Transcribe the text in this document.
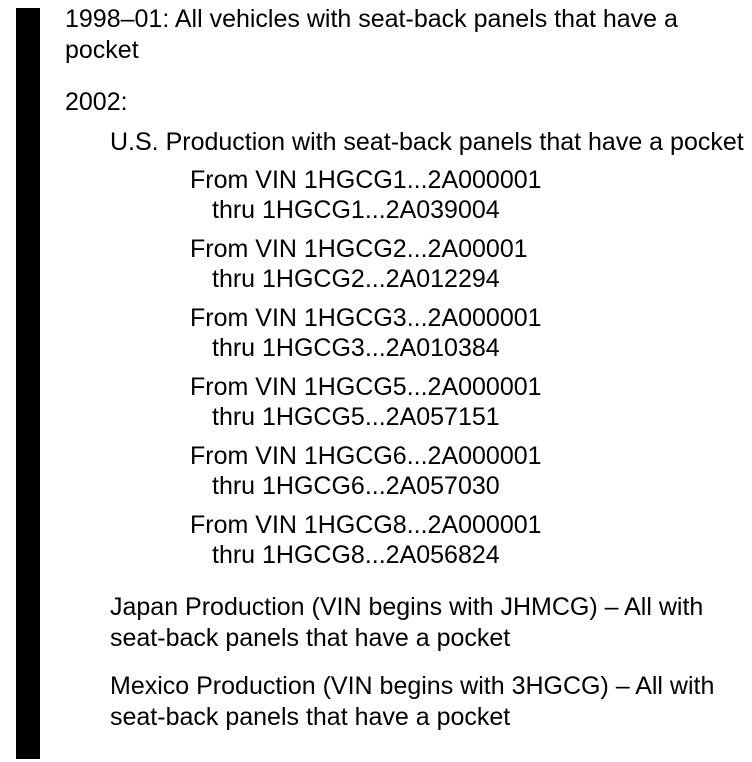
1998–01: All vehicles with seat-back panels that have a pocket

2002:

U.S. Production with seat-back panels that have a pocket

From VIN 1HGCG1...2A000001
thru 1HGCG1...2A039004
From VIN 1HGCG2...2A00001
thru 1HGCG2...2A012294
From VIN 1HGCG3...2A000001
thru 1HGCG3...2A010384
From VIN 1HGCG5...2A000001
thru 1HGCG5...2A057151
From VIN 1HGCG6...2A000001
thru 1HGCG6...2A057030
From VIN 1HGCG8...2A000001
thru 1HGCG8...2A056824

Japan Production (VIN begins with JHMCG) – All with seat-back panels that have a pocket

Mexico Production (VIN begins with 3HGCG) – All with seat-back panels that have a pocket
